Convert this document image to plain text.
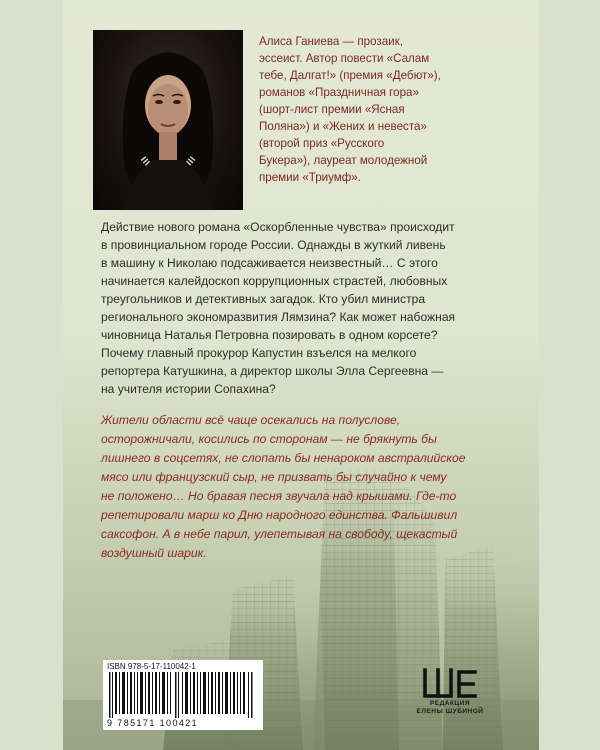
Алиса Ганиева — прозаик,
эссеист. Автор повести «Салам
тебе, Далгат!» (премия «Дебют»),
романов «Праздничная гора»
(шорт-лист премии «Ясная
Поляна») и «Жених и невеста»
(второй приз «Русского
Букера»), лауреат молодежной
премии «Триумф».
Действие нового романа «Оскорбленные чувства» происходит
в провинциальном городе России. Однажды в жуткий ливень
в машину к Николаю подсаживается неизвестный… С этого
начинается калейдоскоп коррупционных страстей, любовных
треугольников и детективных загадок. Кто убил министра
регионального экономразвития Лямзина? Как может набожная
чиновница Наталья Петровна позировать в одном корсете?
Почему главный прокурор Капустин взъелся на мелкого
репортера Катушкина, а директор школы Элла Сергеевна —
на учителя истории Сопахина?
Жители области всё чаще осекались на полуслове,
осторожничали, косились по сторонам — не брякнуть бы
лишнего в соцсетях, не слопать бы ненароком австралийское
мясо или французский сыр, не призвать бы случайно к чему
не положено… Но бравая песня звучала над крышами. Где-то
репетировали марш ко Дню народного единства. Фальшивил
саксофон. А в небе парил, улепетывая на свободу, щекастый
воздушный шарик.
ISBN 978-5-17-110042-1
9 785171 100421
РЕДАКЦИЯ
ЕЛЕНЫ ШУБИНОЙ
